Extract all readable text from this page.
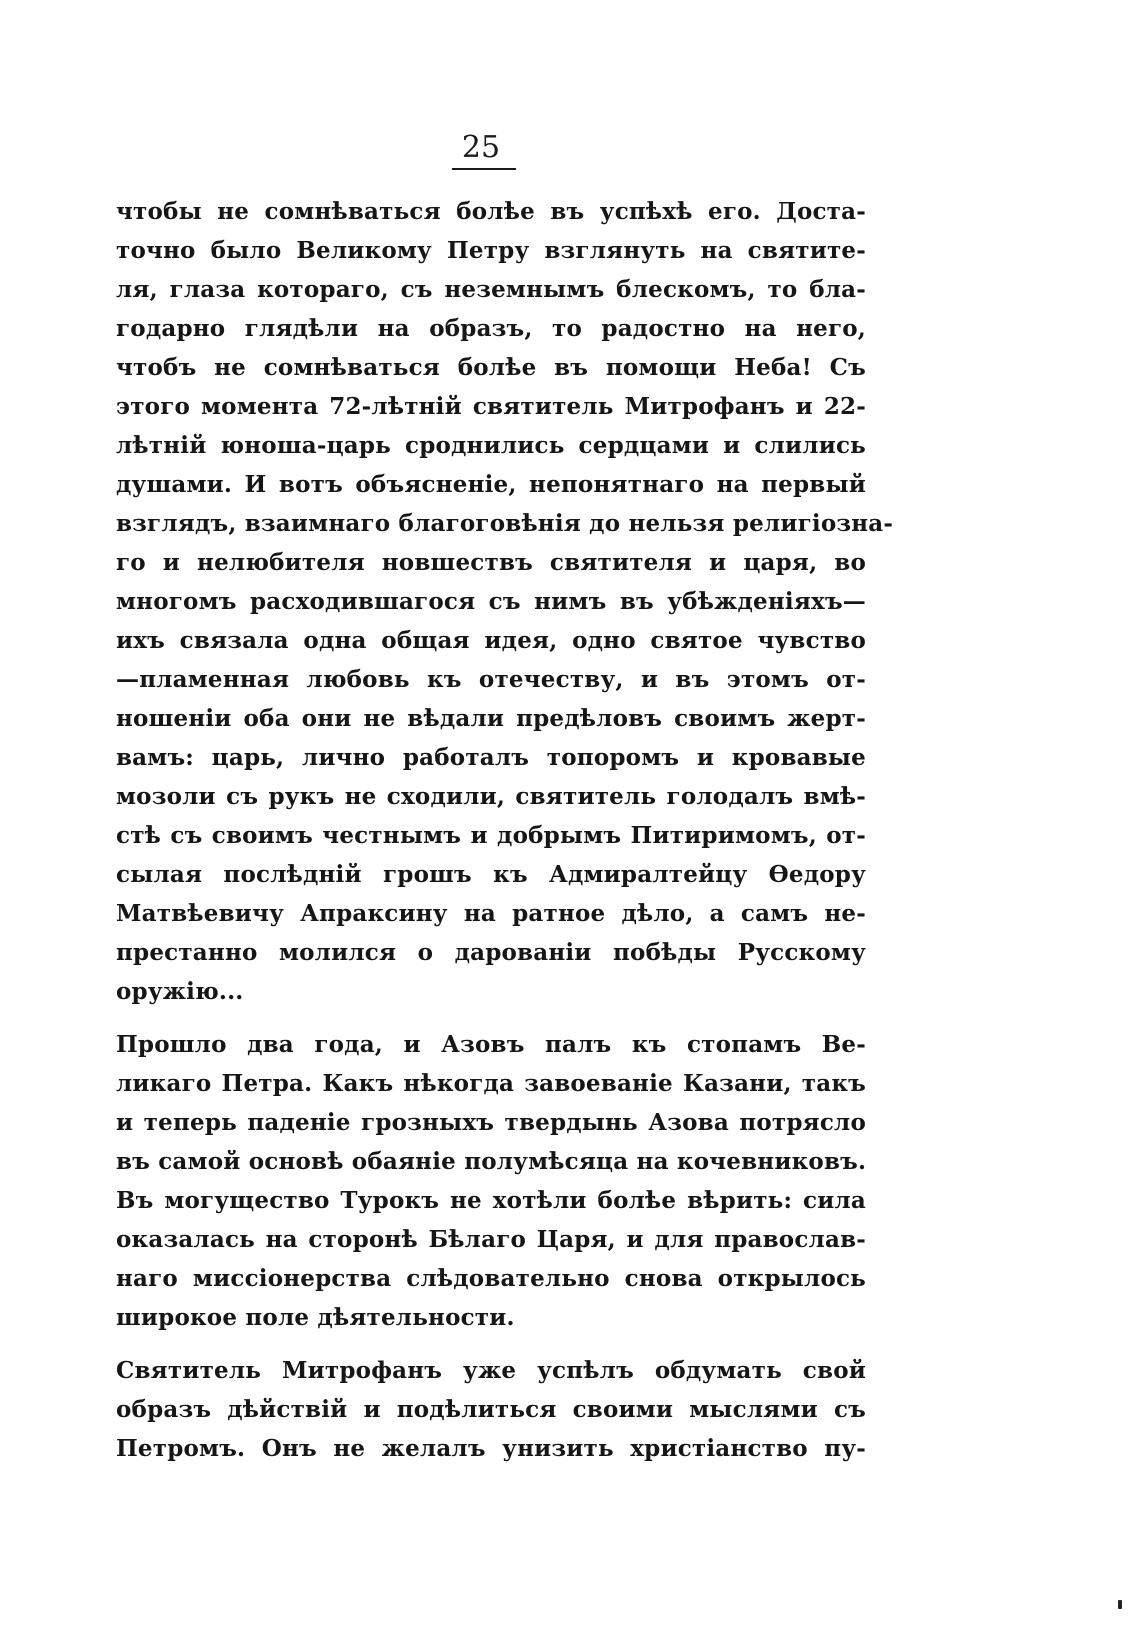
25
чтобы не сомнѣваться болѣе въ успѣхѣ его. Доста-
точно было Великому Петру взглянуть на святите-
ля, глаза котораго, съ неземнымъ блескомъ, то бла-
годарно глядѣли на образъ, то радостно на него,
чтобъ не сомнѣваться болѣе въ помощи Неба! Съ
этого момента 72-лѣтній святитель Митрофанъ и 22-
лѣтній юноша-царь сроднились сердцами и слились
душами. И вотъ объясненіе, непонятнаго на первый
взглядъ, взаимнаго благоговѣнія до нельзя религіозна-
го и нелюбителя новшествъ святителя и царя, во
многомъ расходившагося съ нимъ въ убѣжденіяхъ—
ихъ связала одна общая идея, одно святое чувство
—пламенная любовь къ отечеству, и въ этомъ от-
ношеніи оба они не вѣдали предѣловъ своимъ жерт-
вамъ: царь, лично работалъ топоромъ и кровавые
мозоли съ рукъ не сходили, святитель голодалъ вмѣ-
стѣ съ своимъ честнымъ и добрымъ Питиримомъ, от-
сылая послѣдній грошъ къ Адмиралтейцу Ѳедору
Матвѣевичу Апраксину на ратное дѣло, а самъ не-
престанно молился о дарованіи побѣды Русскому
оружію...
Прошло два года, и Азовъ палъ къ стопамъ Ве-
ликаго Петра. Какъ нѣкогда завоеваніе Казани, такъ
и теперь паденіе грозныхъ твердынь Азова потрясло
въ самой основѣ обаяніе полумѣсяца на кочевниковъ.
Въ могущество Турокъ не хотѣли болѣе вѣрить: сила
оказалась на сторонѣ Бѣлаго Царя, и для православ-
наго миссіонерства слѣдовательно снова открылось
широкое поле дѣятельности.
Святитель Митрофанъ уже успѣлъ обдумать свой
образъ дѣйствій и подѣлиться своими мыслями съ
Петромъ. Онъ не желалъ унизить христіанство пу-
